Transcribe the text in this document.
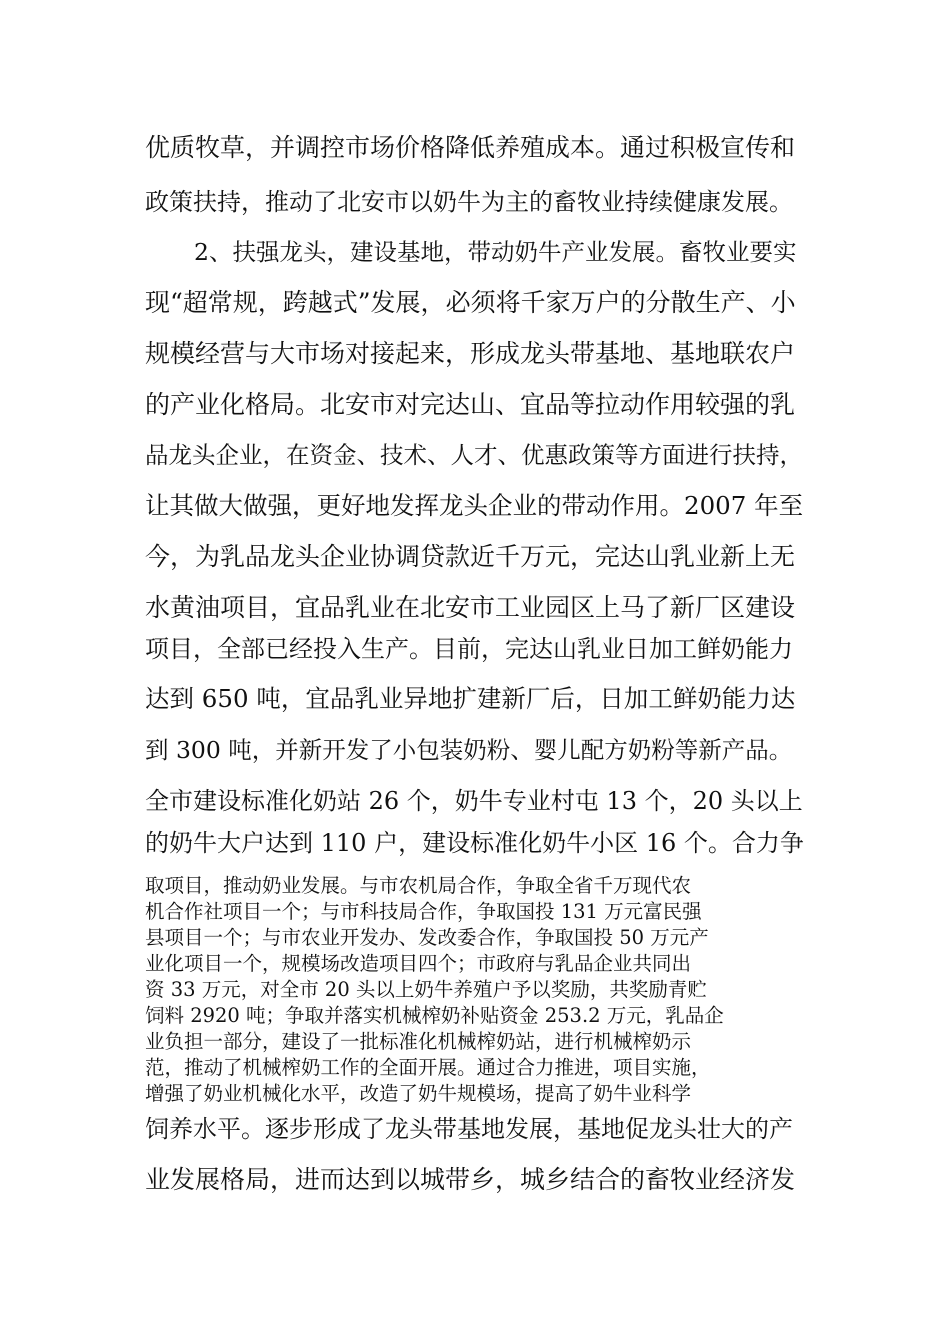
优质牧草，并调控市场价格降低养殖成本。通过积极宣传和
政策扶持，推动了北安市以奶牛为主的畜牧业持续健康发展。
2、扶强龙头，建设基地，带动奶牛产业发展。畜牧业要实
现“超常规，跨越式”发展，必须将千家万户的分散生产、小
规模经营与大市场对接起来，形成龙头带基地、基地联农户
的产业化格局。北安市对完达山、宜品等拉动作用较强的乳
品龙头企业，在资金、技术、人才、优惠政策等方面进行扶持，
让其做大做强，更好地发挥龙头企业的带动作用。2007 年至
今，为乳品龙头企业协调贷款近千万元，完达山乳业新上无
水黄油项目，宜品乳业在北安市工业园区上马了新厂区建设
项目，全部已经投入生产。目前，完达山乳业日加工鲜奶能力
达到 650 吨，宜品乳业异地扩建新厂后，日加工鲜奶能力达
到 300 吨，并新开发了小包装奶粉、婴儿配方奶粉等新产品。
全市建设标准化奶站 26 个，奶牛专业村屯 13 个，20 头以上
的奶牛大户达到 110 户，建设标准化奶牛小区 16 个。合力争
取项目，推动奶业发展。与市农机局合作，争取全省千万现代农
机合作社项目一个；与市科技局合作，争取国投 131 万元富民强
县项目一个；与市农业开发办、发改委合作，争取国投 50 万元产
业化项目一个，规模场改造项目四个；市政府与乳品企业共同出
资 33 万元，对全市 20 头以上奶牛养殖户予以奖励，共奖励青贮
饲料 2920 吨；争取并落实机械榨奶补贴资金 253.2 万元，乳品企
业负担一部分，建设了一批标准化机械榨奶站，进行机械榨奶示
范，推动了机械榨奶工作的全面开展。通过合力推进，项目实施，
增强了奶业机械化水平，改造了奶牛规模场，提高了奶牛业科学
饲养水平。逐步形成了龙头带基地发展，基地促龙头壮大的产
业发展格局，进而达到以城带乡，城乡结合的畜牧业经济发
